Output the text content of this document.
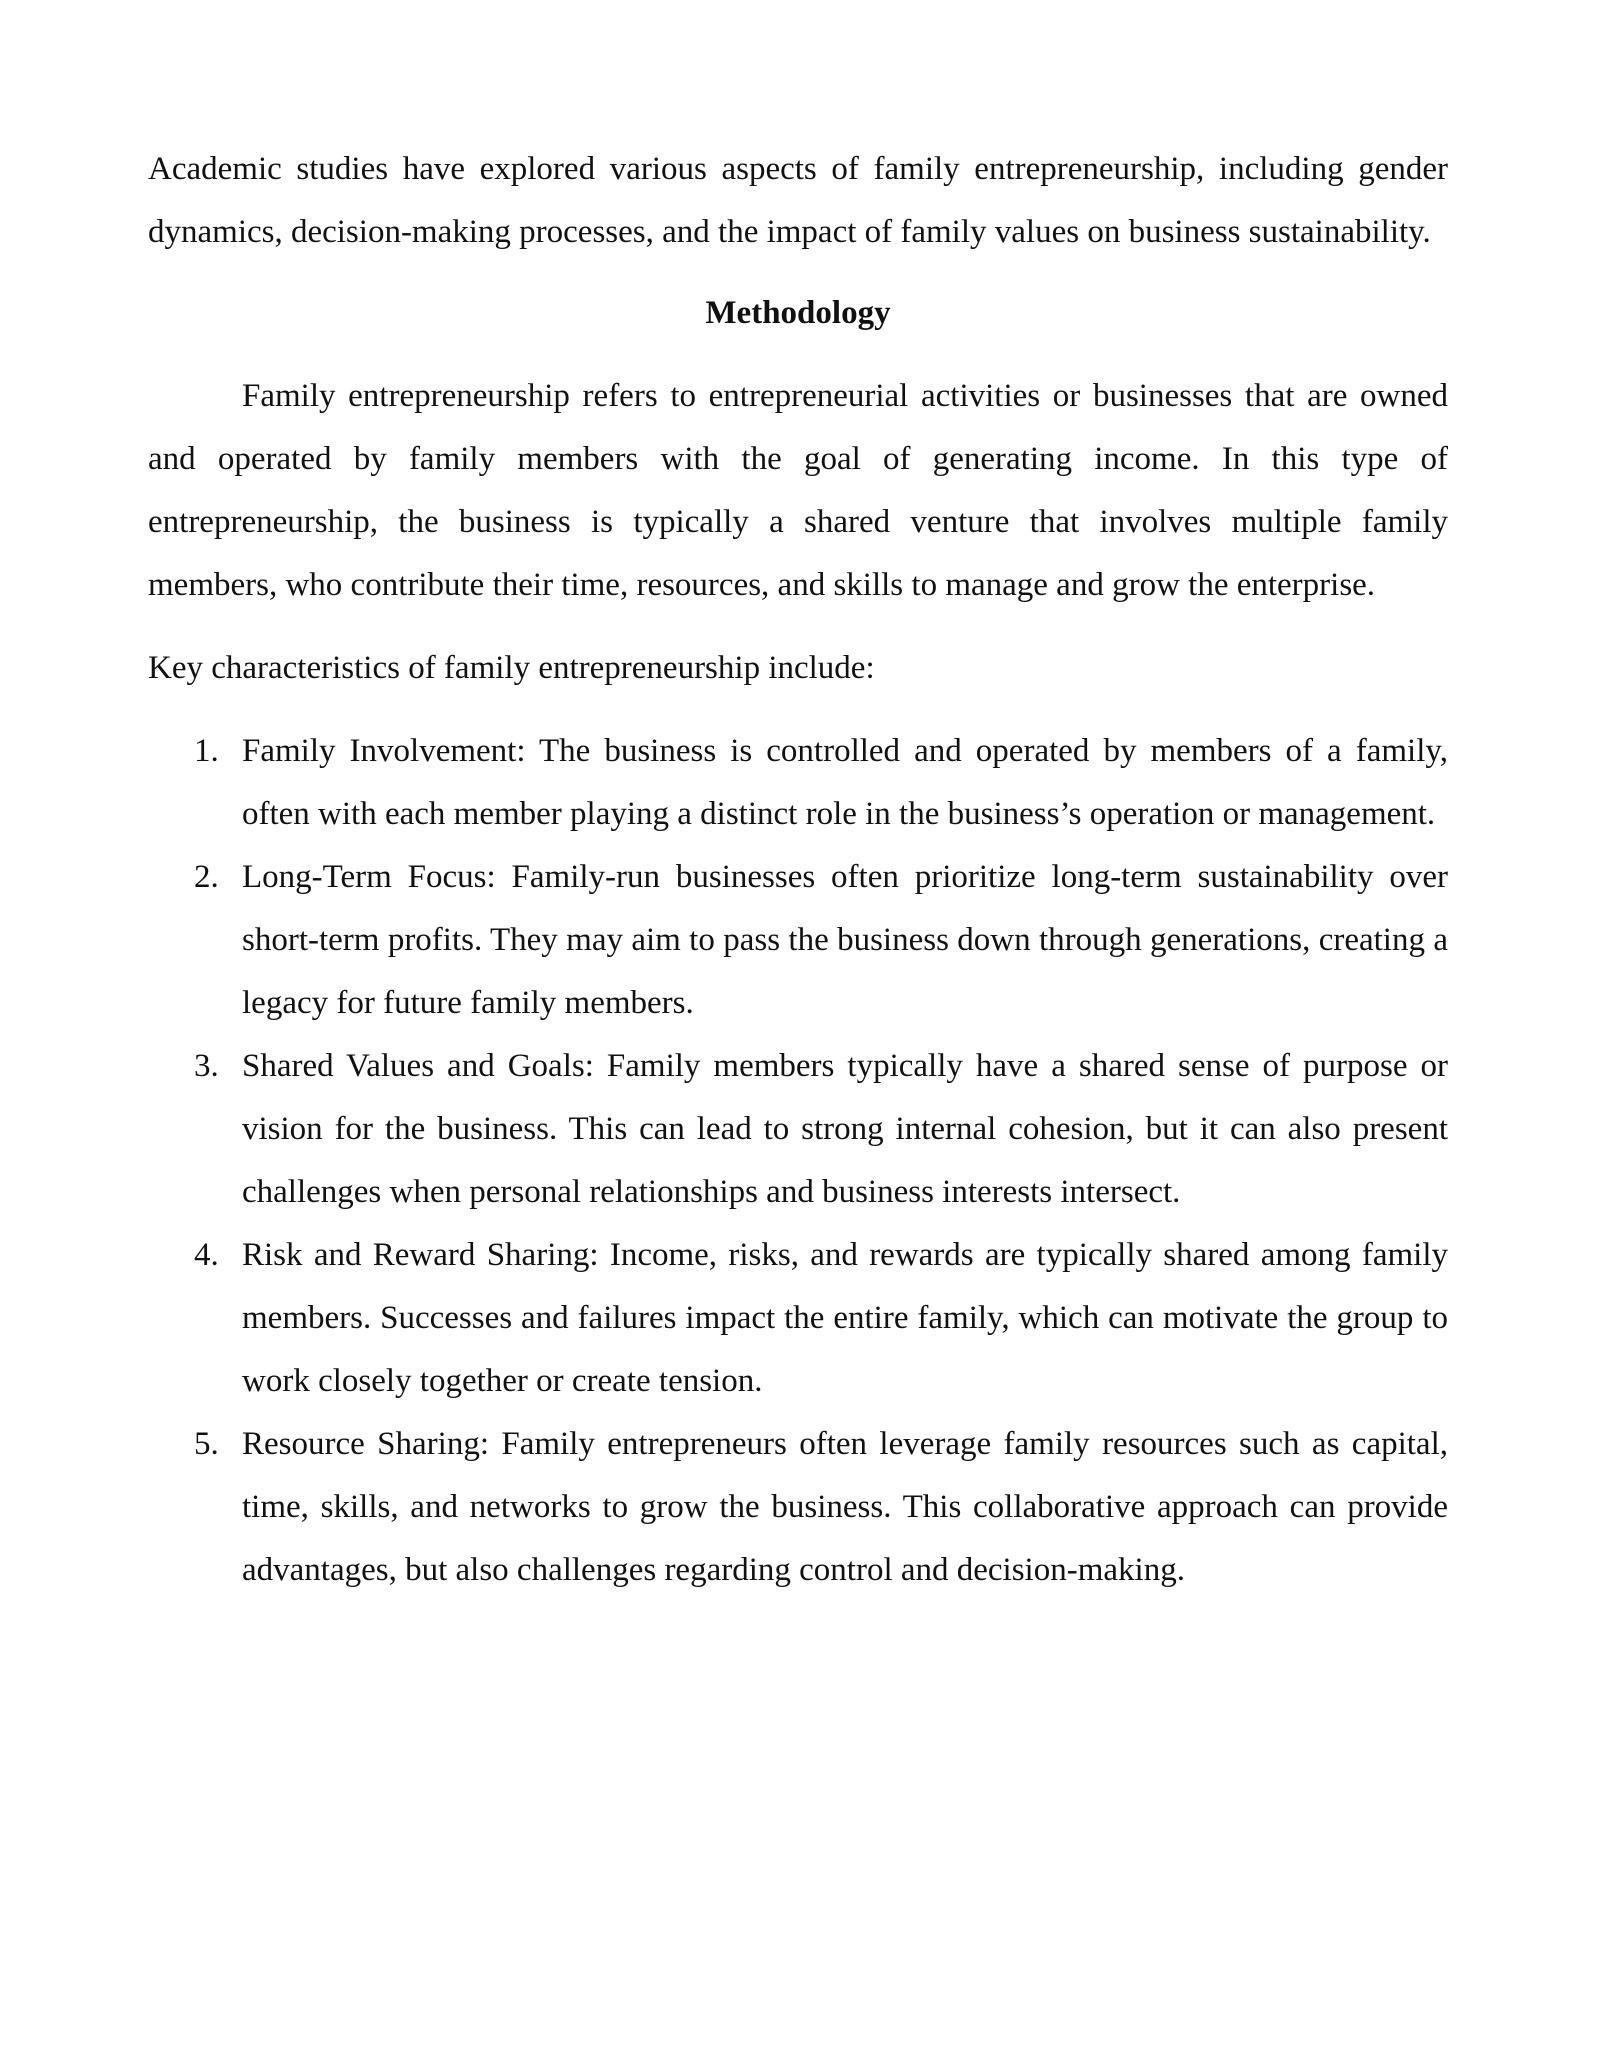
Academic studies have explored various aspects of family entrepreneurship, including gender dynamics, decision-making processes, and the impact of family values on business sustainability.

Methodology

Family entrepreneurship refers to entrepreneurial activities or businesses that are owned and operated by family members with the goal of generating income. In this type of entrepreneurship, the business is typically a shared venture that involves multiple family members, who contribute their time, resources, and skills to manage and grow the enterprise.

Key characteristics of family entrepreneurship include:

1. Family Involvement: The business is controlled and operated by members of a family, often with each member playing a distinct role in the business’s operation or management.
2. Long-Term Focus: Family-run businesses often prioritize long-term sustainability over short-term profits. They may aim to pass the business down through generations, creating a legacy for future family members.
3. Shared Values and Goals: Family members typically have a shared sense of purpose or vision for the business. This can lead to strong internal cohesion, but it can also present challenges when personal relationships and business interests intersect.
4. Risk and Reward Sharing: Income, risks, and rewards are typically shared among family members. Successes and failures impact the entire family, which can motivate the group to work closely together or create tension.
5. Resource Sharing: Family entrepreneurs often leverage family resources such as capital, time, skills, and networks to grow the business. This collaborative approach can provide advantages, but also challenges regarding control and decision-making.
